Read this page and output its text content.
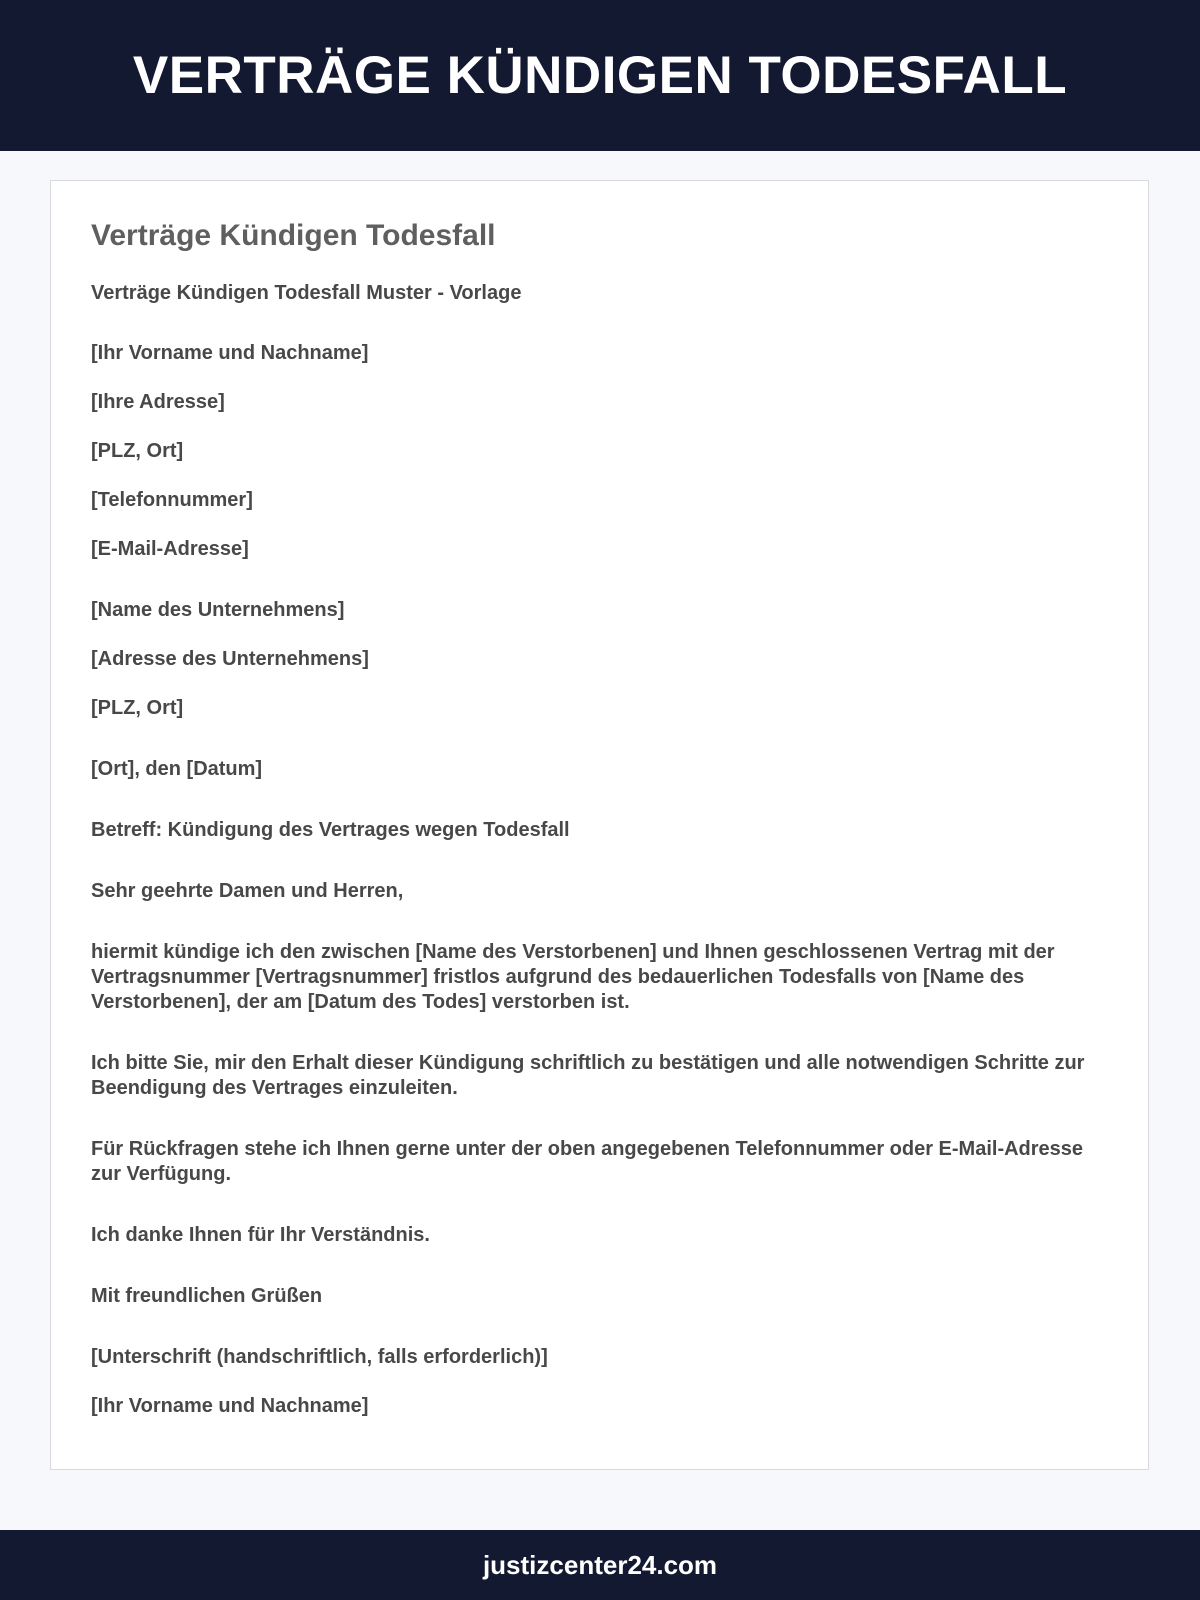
VERTRÄGE KÜNDIGEN TODESFALL
Verträge Kündigen Todesfall

Verträge Kündigen Todesfall Muster - Vorlage

[Ihr Vorname und Nachname]

[Ihre Adresse]

[PLZ, Ort]

[Telefonnummer]

[E-Mail-Adresse]

[Name des Unternehmens]

[Adresse des Unternehmens]

[PLZ, Ort]

[Ort], den [Datum]

Betreff: Kündigung des Vertrages wegen Todesfall

Sehr geehrte Damen und Herren,

hiermit kündige ich den zwischen [Name des Verstorbenen] und Ihnen geschlossenen Vertrag mit der Vertragsnummer [Vertragsnummer] fristlos aufgrund des bedauerlichen Todesfalls von [Name des Verstorbenen], der am [Datum des Todes] verstorben ist.

Ich bitte Sie, mir den Erhalt dieser Kündigung schriftlich zu bestätigen und alle notwendigen Schritte zur Beendigung des Vertrages einzuleiten.

Für Rückfragen stehe ich Ihnen gerne unter der oben angegebenen Telefonnummer oder E-Mail-Adresse zur Verfügung.

Ich danke Ihnen für Ihr Verständnis.

Mit freundlichen Grüßen

[Unterschrift (handschriftlich, falls erforderlich)]

[Ihr Vorname und Nachname]

justizcenter24.com
